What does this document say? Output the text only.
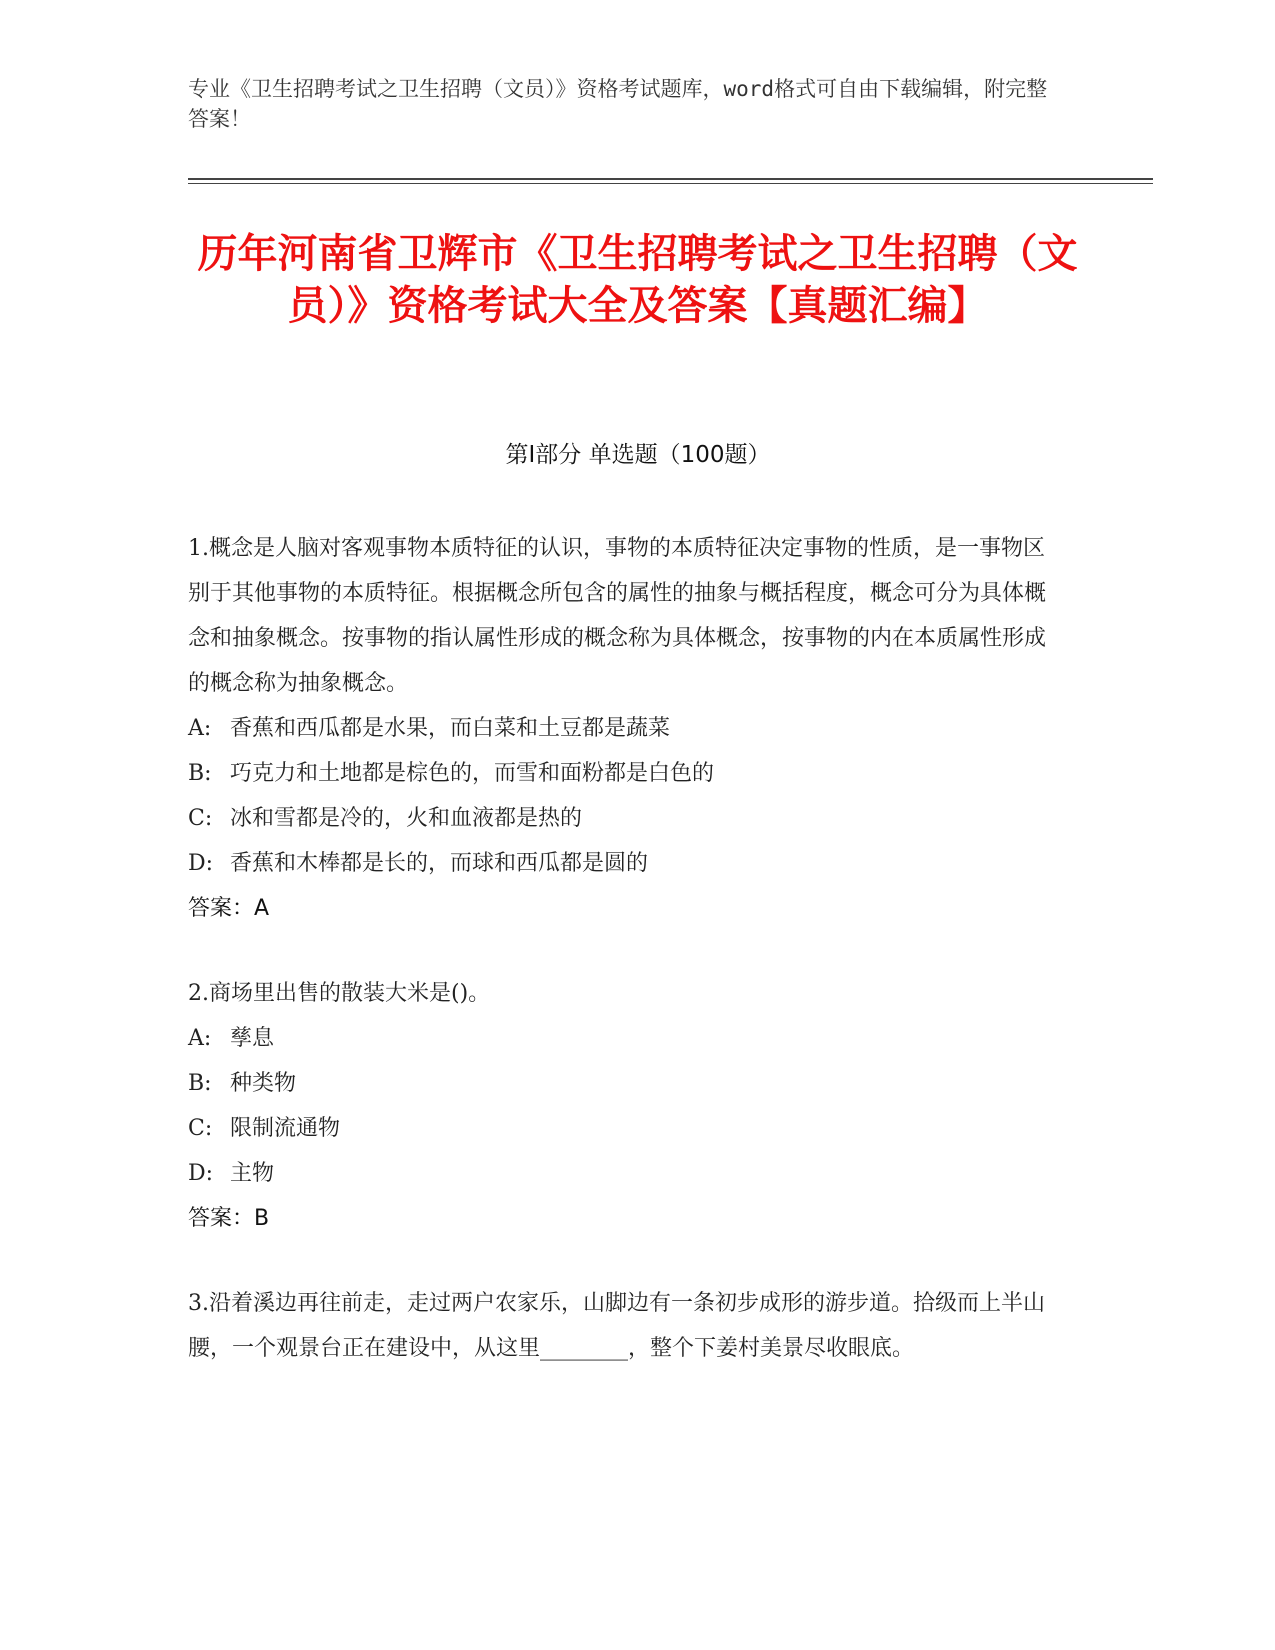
专业《卫生招聘考试之卫生招聘（文员）》资格考试题库，word格式可自由下载编辑，附完整答案！
历年河南省卫辉市《卫生招聘考试之卫生招聘（文员）》资格考试大全及答案【真题汇编】
第Ⅰ部分 单选题（100题）

1.概念是人脑对客观事物本质特征的认识，事物的本质特征决定事物的性质，是一事物区别于其他事物的本质特征。根据概念所包含的属性的抽象与概括程度，概念可分为具体概念和抽象概念。按事物的指认属性形成的概念称为具体概念，按事物的内在本质属性形成的概念称为抽象概念。

A: 香蕉和西瓜都是水果，而白菜和土豆都是蔬菜

B: 巧克力和土地都是棕色的，而雪和面粉都是白色的

C: 冰和雪都是冷的，火和血液都是热的

D: 香蕉和木棒都是长的，而球和西瓜都是圆的

答案：A

2.商场里出售的散装大米是()。

A: 孳息

B: 种类物

C: 限制流通物

D: 主物

答案：B

3.沿着溪边再往前走，走过两户农家乐，山脚边有一条初步成形的游步道。拾级而上半山腰，一个观景台正在建设中，从这里________，整个下姜村美景尽收眼底。
